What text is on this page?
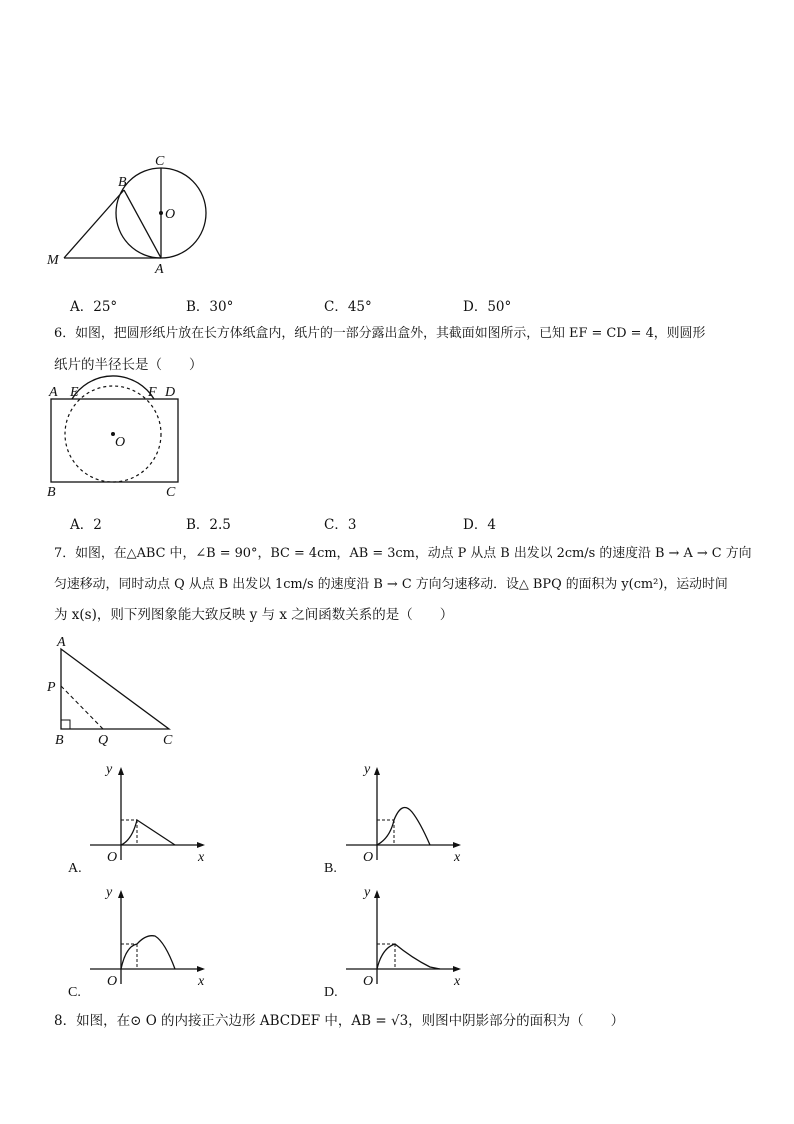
C
B
O
M
A
A．25°	B．30°	C．45°	D．50°
6．如图，把圆形纸片放在长方体纸盒内，纸片的一部分露出盒外，其截面如图所示，已知 EF = CD = 4，则圆形
纸片的半径长是（　　）
A E	F D
O
B	C
A．2	B．2.5	C．3	D．4
7．如图，在△ABC 中，∠B = 90°，BC = 4cm，AB = 3cm，动点 P 从点 B 出发以 2cm/s 的速度沿 B → A → C 方向
匀速移动，同时动点 Q 从点 B 出发以 1cm/s 的速度沿 B → C 方向匀速移动．设△ BPQ 的面积为 y(cm²)，运动时间
为 x(s)，则下列图象能大致反映 y 与 x 之间函数关系的是（　　）
A
P
B Q	C
y
x
O
A.
y
x
O
B.
y
x
O
C.
y
x
O
D.
8．如图，在⊙ O 的内接正六边形 ABCDEF 中，AB = √3，则图中阴影部分的面积为（　　）
